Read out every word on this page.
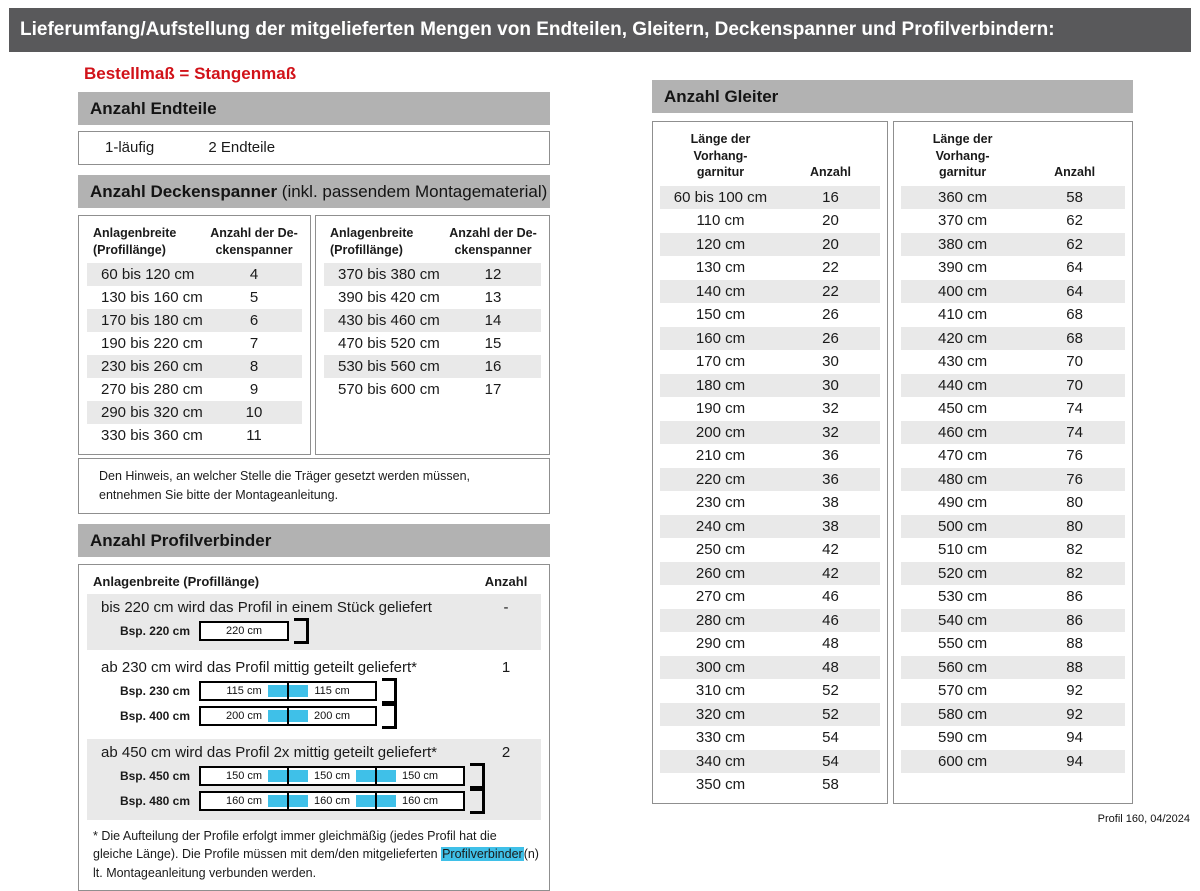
Lieferumfang/Aufstellung der mitgelieferten Mengen von Endteilen, Gleitern, Deckenspanner und Profilverbindern:
Bestellmaß = Stangenmaß
Anzahl Endteile
1-läufig	2 Endteile
Anzahl Deckenspanner (inkl. passendem Montagematerial)
Anlagenbreite
(Profillänge)
Anzahl der De-
ckenspanner
60 bis 120 cm	4
130 bis 160 cm	5
170 bis 180 cm	6
190 bis 220 cm	7
230 bis 260 cm	8
270 bis 280 cm	9
290 bis 320 cm	10
330 bis 360 cm	11
Anlagenbreite
(Profillänge)
Anzahl der De-
ckenspanner
370 bis 380 cm	12
390 bis 420 cm	13
430 bis 460 cm	14
470 bis 520 cm	15
530 bis 560 cm	16
570 bis 600 cm	17
Den Hinweis, an welcher Stelle die Träger gesetzt werden müssen, entnehmen Sie bitte der Montageanleitung.
Anzahl Profilverbinder
Anlagenbreite (Profillänge)	Anzahl
bis 220 cm wird das Profil in einem Stück geliefert	-
Bsp. 220 cm	220 cm
ab 230 cm wird das Profil mittig geteilt geliefert*	1
Bsp. 230 cm	115 cm	115 cm
Bsp. 400 cm	200 cm	200 cm
ab 450 cm wird das Profil 2x mittig geteilt geliefert*	2
Bsp. 450 cm	150 cm	150 cm	150 cm
Bsp. 480 cm	160 cm	160 cm	160 cm
* Die Aufteilung der Profile erfolgt immer gleichmäßig (jedes Profil hat die gleiche Länge). Die Profile müssen mit dem/den mitgelieferten Profilverbinder(n) lt. Montageanleitung verbunden werden.
Anzahl Gleiter
Länge der
Vorhang-
garnitur	Anzahl
60 bis 100 cm	16
110 cm	20
120 cm	20
130 cm	22
140 cm	22
150 cm	26
160 cm	26
170 cm	30
180 cm	30
190 cm	32
200 cm	32
210 cm	36
220 cm	36
230 cm	38
240 cm	38
250 cm	42
260 cm	42
270 cm	46
280 cm	46
290 cm	48
300 cm	48
310 cm	52
320 cm	52
330 cm	54
340 cm	54
350 cm	58
Länge der
Vorhang-
garnitur	Anzahl
360 cm	58
370 cm	62
380 cm	62
390 cm	64
400 cm	64
410 cm	68
420 cm	68
430 cm	70
440 cm	70
450 cm	74
460 cm	74
470 cm	76
480 cm	76
490 cm	80
500 cm	80
510 cm	82
520 cm	82
530 cm	86
540 cm	86
550 cm	88
560 cm	88
570 cm	92
580 cm	92
590 cm	94
600 cm	94
Profil 160, 04/2024
